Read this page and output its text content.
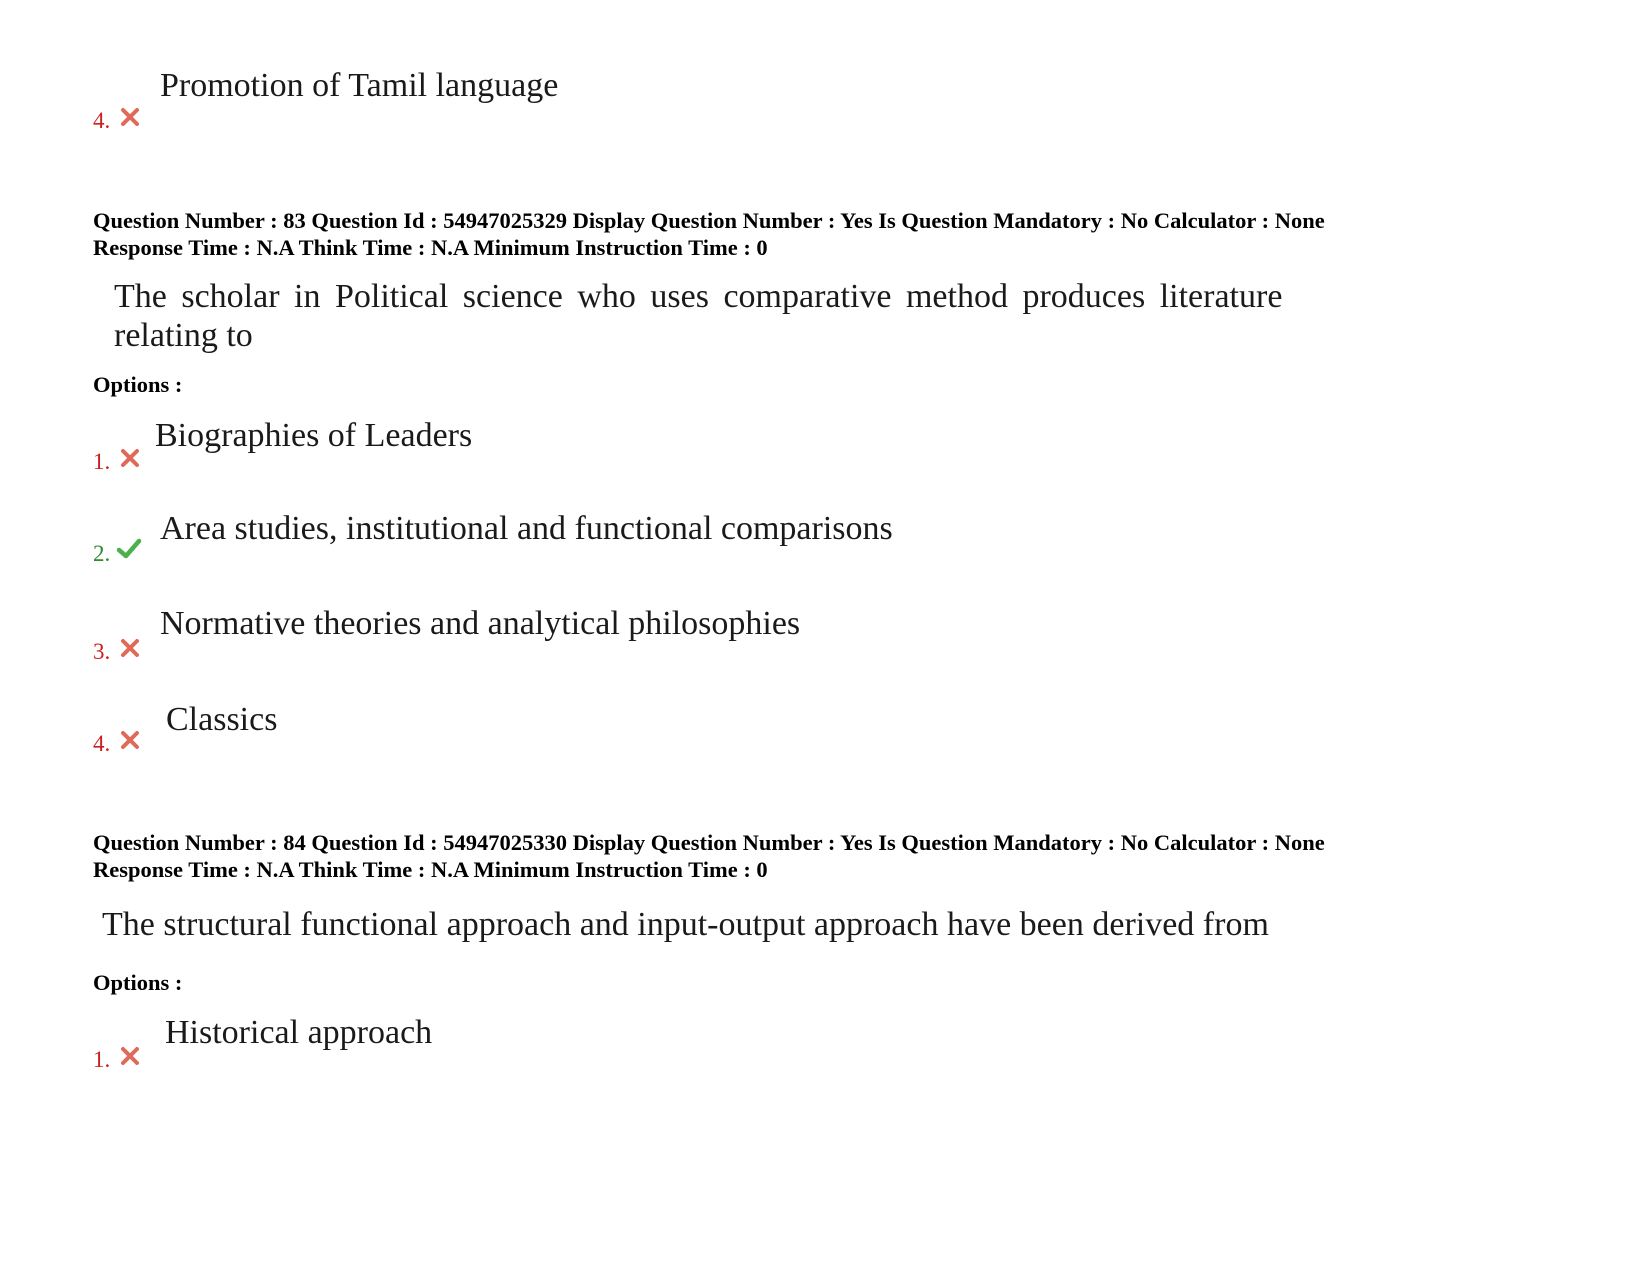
Promotion of Tamil language
4.
Question Number : 83 Question Id : 54947025329 Display Question Number : Yes Is Question Mandatory : No Calculator : None
Response Time : N.A Think Time : N.A Minimum Instruction Time : 0
The scholar in Political science who uses comparative method produces literature
relating to
Options :
Biographies of Leaders
1.
Area studies, institutional and functional comparisons
2.
Normative theories and analytical philosophies
3.
Classics
4.
Question Number : 84 Question Id : 54947025330 Display Question Number : Yes Is Question Mandatory : No Calculator : None
Response Time : N.A Think Time : N.A Minimum Instruction Time : 0
The structural functional approach and input-output approach have been derived from
Options :
Historical approach
1.
